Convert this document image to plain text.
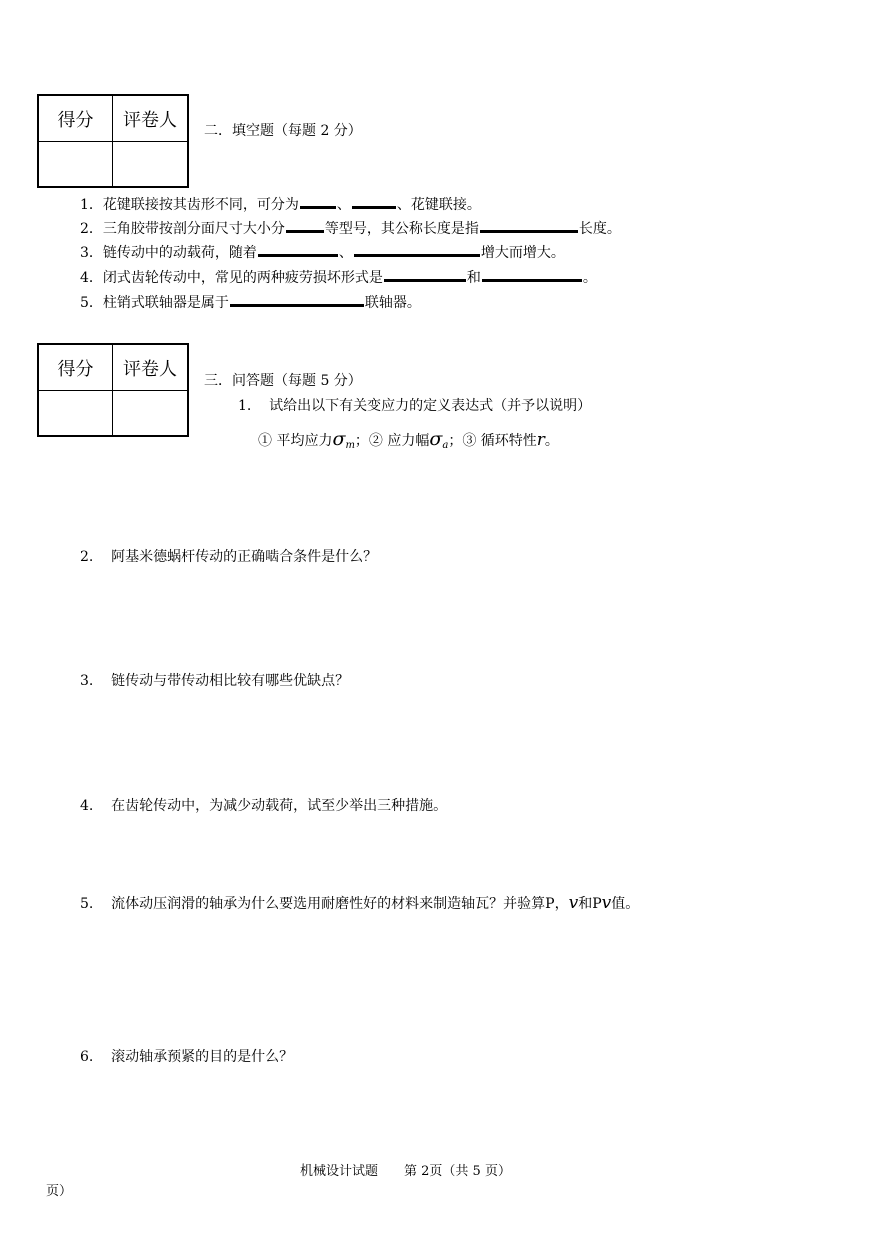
得分	评卷人
二．填空题（每题 2 分）
1．花键联接按其齿形不同，可分为	、	、花键联接。
2．三角胶带按剖分面尺寸大小分	等型号，其公称长度是指	长度。
3．链传动中的动载荷，随着	、	增大而增大。
4．闭式齿轮传动中，常见的两种疲劳损坏形式是	和	。
5．柱销式联轴器是属于	联轴器。
得分	评卷人
三．问答题（每题 5 分）
1. 试给出以下有关变应力的定义表达式（并予以说明）
① 平均应力$\sigma_m$；② 应力幅$\sigma_a$；③ 循环特性r。
2. 阿基米德蜗杆传动的正确啮合条件是什么？
3. 链传动与带传动相比较有哪些优缺点？
4. 在齿轮传动中，为减少动载荷，试至少举出三种措施。
5. 流体动压润滑的轴承为什么要选用耐磨性好的材料来制造轴瓦？并验算P，v和Pv值。
6. 滚动轴承预紧的目的是什么？
机械设计试题　　第 2页（共 5 页）
页）
